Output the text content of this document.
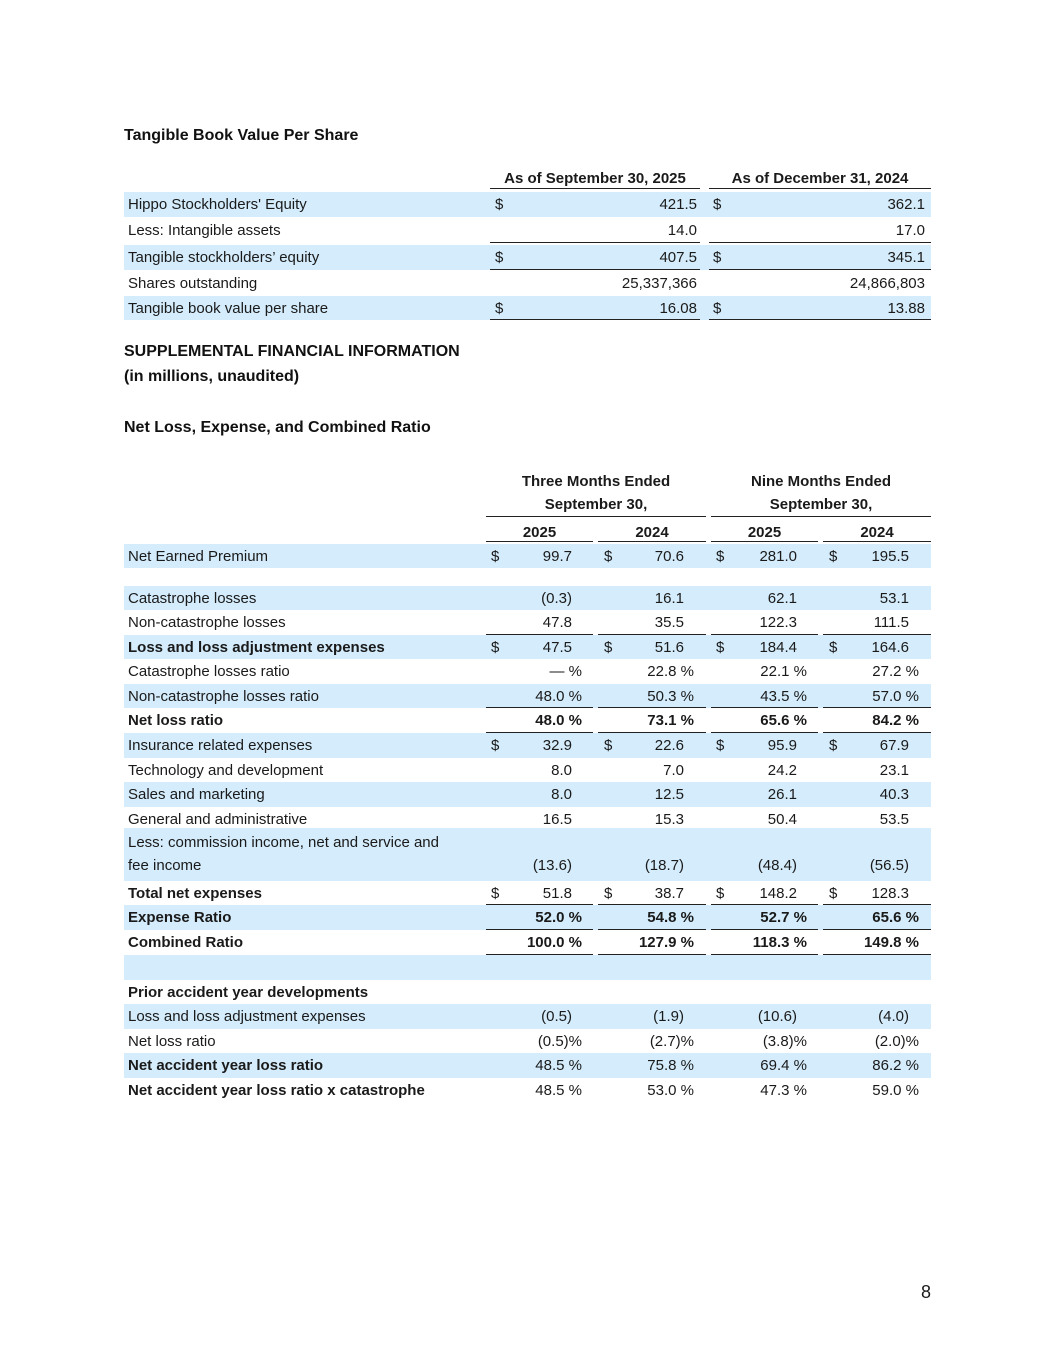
Tangible Book Value Per Share
As of September 30, 2025	As of December 31, 2024
Hippo Stockholders' Equity	$	421.5 $	362.1
Less: Intangible assets	14.0	17.0
Tangible stockholders’ equity	$	407.5 $	345.1
Shares outstanding	25,337,366	24,866,803
Tangible book value per share	$	16.08 $	13.88
SUPPLEMENTAL FINANCIAL INFORMATION
(in millions, unaudited)
Net Loss, Expense, and Combined Ratio
Three Months Ended
September 30,
Nine Months Ended
September 30,
2025	2024	2025	2024
Net Earned Premium	$	99.7 $	70.6 $ 281.0 $ 195.5
Catastrophe losses	(0.3)	16.1	62.1	53.1
Non-catastrophe losses	47.8	35.5	122.3	111.5
Loss and loss adjustment expenses	$	47.5 $	51.6 $ 184.4 $ 164.6
Catastrophe losses ratio	— %	22.8 %	22.1 %	27.2 %
Non-catastrophe losses ratio	48.0 %	50.3 %	43.5 %	57.0 %
Net loss ratio	48.0 %	73.1 %	65.6 %	84.2 %
Insurance related expenses	$	32.9 $	22.6 $	95.9 $	67.9
Technology and development	8.0	7.0	24.2	23.1
Sales and marketing	8.0	12.5	26.1	40.3
General and administrative	16.5	15.3	50.4	53.5
Less: commission income, net and service and
fee income	(13.6)	(18.7)	(48.4)	(56.5)
Total net expenses	$	51.8 $	38.7 $ 148.2 $ 128.3
Expense Ratio	52.0 %	54.8 %	52.7 %	65.6 %
Combined Ratio	100.0 %	127.9 %	118.3 %	149.8 %
Prior accident year developments
Loss and loss adjustment expenses	(0.5)	(1.9)	(10.6)	(4.0)
Net loss ratio	(0.5)%	(2.7)%	(3.8)%	(2.0)%
Net accident year loss ratio	48.5 %	75.8 %	69.4 %	86.2 %
Net accident year loss ratio x catastrophe	48.5 %	53.0 %	47.3 %	59.0 %
8
